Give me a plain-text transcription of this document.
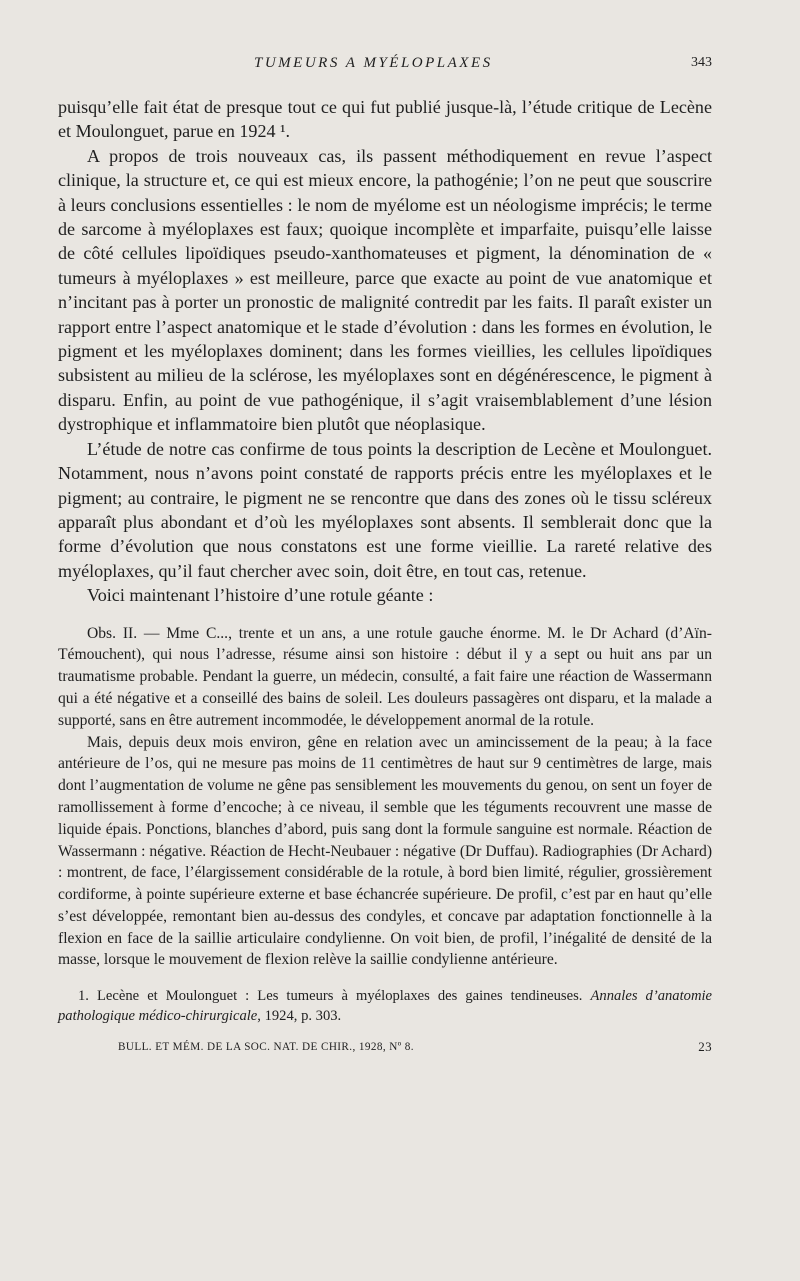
TUMEURS A MYÉLOPLAXES	343

puisqu’elle fait état de presque tout ce qui fut publié jusque-là, l’étude critique de Lecène et Moulonguet, parue en 1924 ¹.

A propos de trois nouveaux cas, ils passent méthodiquement en revue l’aspect clinique, la structure et, ce qui est mieux encore, la pathogénie; l’on ne peut que souscrire à leurs conclusions essentielles : le nom de myélome est un néologisme imprécis; le terme de sarcome à myéloplaxes est faux; quoique incomplète et imparfaite, puisqu’elle laisse de côté cellules lipoïdiques pseudo-xanthomateuses et pigment, la dénomination de « tumeurs à myéloplaxes » est meilleure, parce que exacte au point de vue anatomique et n’incitant pas à porter un pronostic de malignité contredit par les faits. Il paraît exister un rapport entre l’aspect anatomique et le stade d’évolution : dans les formes en évolution, le pigment et les myéloplaxes dominent; dans les formes vieillies, les cellules lipoïdiques subsistent au milieu de la sclérose, les myéloplaxes sont en dégénérescence, le pigment à disparu. Enfin, au point de vue pathogénique, il s’agit vraisemblablement d’une lésion dystrophique et inflammatoire bien plutôt que néoplasique.

L’étude de notre cas confirme de tous points la description de Lecène et Moulonguet. Notamment, nous n’avons point constaté de rapports précis entre les myéloplaxes et le pigment; au contraire, le pigment ne se rencontre que dans des zones où le tissu scléreux apparaît plus abondant et d’où les myéloplaxes sont absents. Il semblerait donc que la forme d’évolution que nous constatons est une forme vieillie. La rareté relative des myéloplaxes, qu’il faut chercher avec soin, doit être, en tout cas, retenue.

Voici maintenant l’histoire d’une rotule géante :

Obs. II. — Mme C..., trente et un ans, a une rotule gauche énorme. M. le Dr Achard (d’Aïn-Témouchent), qui nous l’adresse, résume ainsi son histoire : début il y a sept ou huit ans par un traumatisme probable. Pendant la guerre, un médecin, consulté, a fait faire une réaction de Wassermann qui a été négative et a conseillé des bains de soleil. Les douleurs passagères ont disparu, et la malade a supporté, sans en être autrement incommodée, le développement anormal de la rotule.

Mais, depuis deux mois environ, gêne en relation avec un amincissement de la peau; à la face antérieure de l’os, qui ne mesure pas moins de 11 centimètres de haut sur 9 centimètres de large, mais dont l’augmentation de volume ne gêne pas sensiblement les mouvements du genou, on sent un foyer de ramollissement à forme d’encoche; à ce niveau, il semble que les téguments recouvrent une masse de liquide épais. Ponctions, blanches d’abord, puis sang dont la formule sanguine est normale. Réaction de Wassermann : négative. Réaction de Hecht-Neubauer : négative (Dr Duffau). Radiographies (Dr Achard) : montrent, de face, l’élargissement considérable de la rotule, à bord bien limité, régulier, grossièrement cordiforme, à pointe supérieure externe et base échancrée supérieure. De profil, c’est par en haut qu’elle s’est développée, remontant bien au-dessus des condyles, et concave par adaptation fonctionnelle à la flexion en face de la saillie articulaire condylienne. On voit bien, de profil, l’inégalité de densité de la masse, lorsque le mouvement de flexion relève la saillie condylienne antérieure.

1. Lecène et Moulonguet : Les tumeurs à myéloplaxes des gaines tendineuses. Annales d’anatomie pathologique médico-chirurgicale, 1924, p. 303.
BULL. ET MÉM. DE LA SOC. NAT. DE CHIR., 1928, Nº 8.	23
